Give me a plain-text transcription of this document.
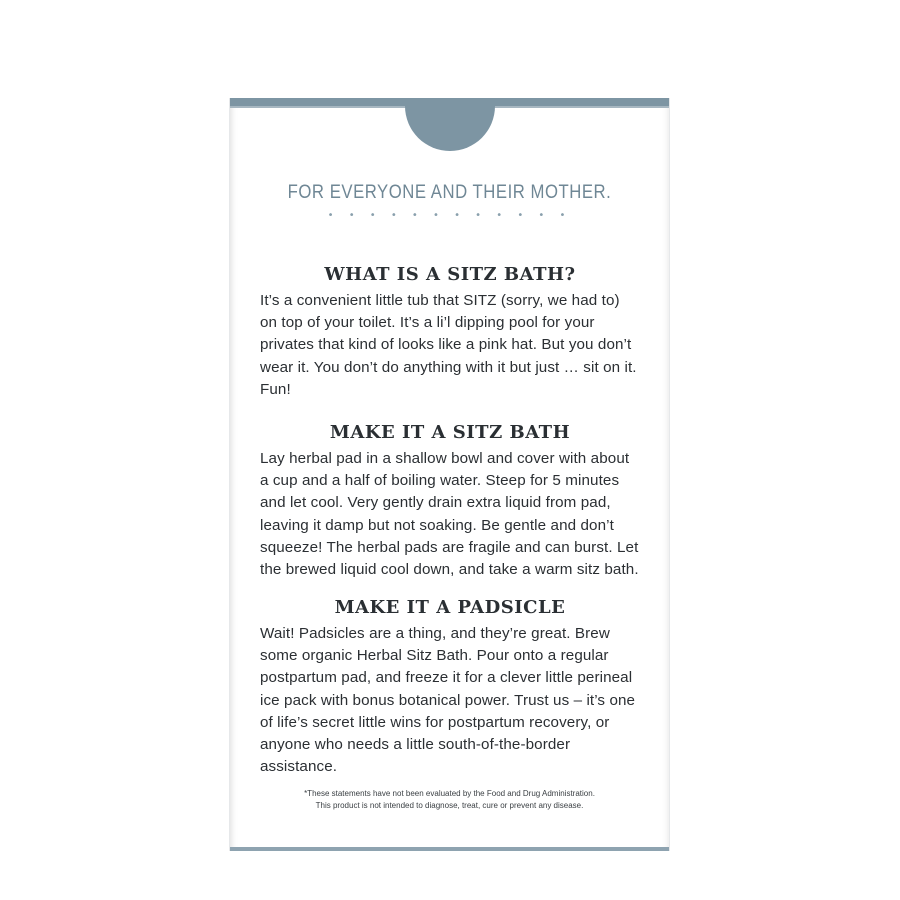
FOR EVERYONE AND THEIR MOTHER.
• • • • • • • • • • • •
WHAT IS A SITZ BATH?

It’s a convenient little tub that SITZ (sorry, we had to) on top of your toilet. It’s a li’l dipping pool for your privates that kind of looks like a pink hat. But you don’t wear it. You don’t do anything with it but just … sit on it. Fun!

MAKE IT A SITZ BATH

Lay herbal pad in a shallow bowl and cover with about a cup and a half of boiling water. Steep for 5 minutes and let cool. Very gently drain extra liquid from pad, leaving it damp but not soaking. Be gentle and don’t squeeze! The herbal pads are fragile and can burst. Let the brewed liquid cool down, and take a warm sitz bath.

MAKE IT A PADSICLE

Wait! Padsicles are a thing, and they’re great. Brew some organic Herbal Sitz Bath. Pour onto a regular postpartum pad, and freeze it for a clever little perineal ice pack with bonus botanical power. Trust us – it’s one of life’s secret little wins for postpartum recovery, or anyone who needs a little south-of-the-border assistance.

*These statements have not been evaluated by the Food and Drug Administration.
This product is not intended to diagnose, treat, cure or prevent any disease.
